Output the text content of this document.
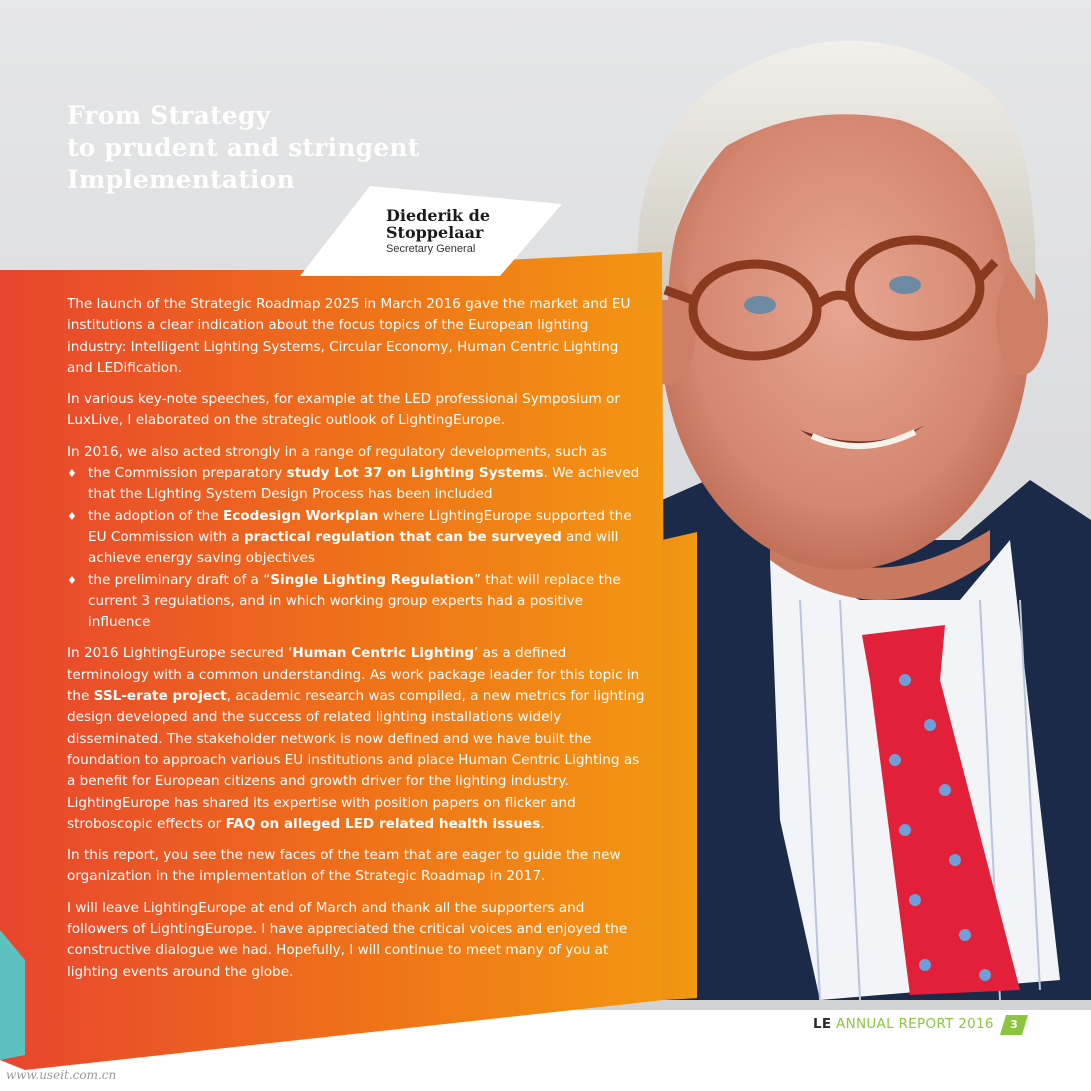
From Strategy
to prudent and stringent
Implementation
Diederik de
Stoppelaar
Secretary General

The launch of the Strategic Roadmap 2025 in March 2016 gave the market and EU institutions a clear indication about the focus topics of the European lighting industry: Intelligent Lighting Systems, Circular Economy, Human Centric Lighting and LEDification.

In various key-note speeches, for example at the LED professional Symposium or LuxLive, I elaborated on the strategic outlook of LightingEurope.

In 2016, we also acted strongly in a range of regulatory developments, such as

♦ the Commission preparatory study Lot 37 on Lighting Systems. We achieved that the Lighting System Design Process has been included
♦ the adoption of the Ecodesign Workplan where LightingEurope supported the EU Commission with a practical regulation that can be surveyed and will achieve energy saving objectives
♦ the preliminary draft of a “Single Lighting Regulation” that will replace the current 3 regulations, and in which working group experts had a positive influence

In 2016 LightingEurope secured ‘Human Centric Lighting’ as a defined terminology with a common understanding. As work package leader for this topic in the SSL-erate project, academic research was compiled, a new metrics for lighting design developed and the success of related lighting installations widely disseminated. The stakeholder network is now defined and we have built the foundation to approach various EU institutions and place Human Centric Lighting as a benefit for European citizens and growth driver for the lighting industry. LightingEurope has shared its expertise with position papers on flicker and stroboscopic effects or FAQ on alleged LED related health issues.

In this report, you see the new faces of the team that are eager to guide the new organization in the implementation of the Strategic Roadmap in 2017.

I will leave LightingEurope at end of March and thank all the supporters and followers of LightingEurope. I have appreciated the critical voices and enjoyed the constructive dialogue we had. Hopefully, I will continue to meet many of you at lighting events around the globe.

LE ANNUAL REPORT 2016	3
www.useit.com.cn
